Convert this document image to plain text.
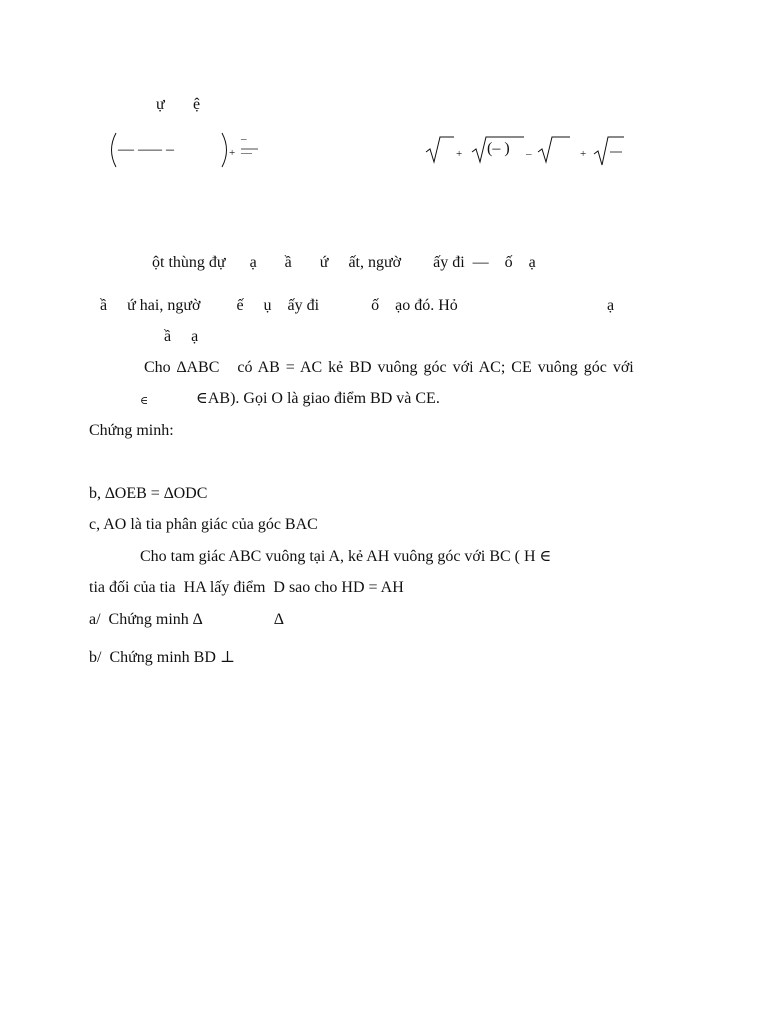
ự ệ
–– ––– –	+
–
––	+ (– ) –	+
ột thùng đự      ạ       ầ       ứ     ất, ngườ        ấy đi  ––    ố    ạ
ầ     ứ hai, ngườ         ế     ụ    ấy đi             ố    ạo đó. Hỏ	ạ
ầ     ạ
Cho ∆ABC   có AB = AC kẻ BD vuông góc với AC; CE vuông góc với
∈	∈AB). Gọi O là giao điểm BD và CE.
Chứng minh:
b, ∆OEB = ∆ODC
c, AO là tia phân giác của góc BAC
Cho tam giác ABC vuông tại A, kẻ AH vuông góc với BC ( H ∈
tia đối của tia  HA lấy điểm  D sao cho HD = AH
a/  Chứng minh ∆	∆
b/  Chứng minh BD ⊥
